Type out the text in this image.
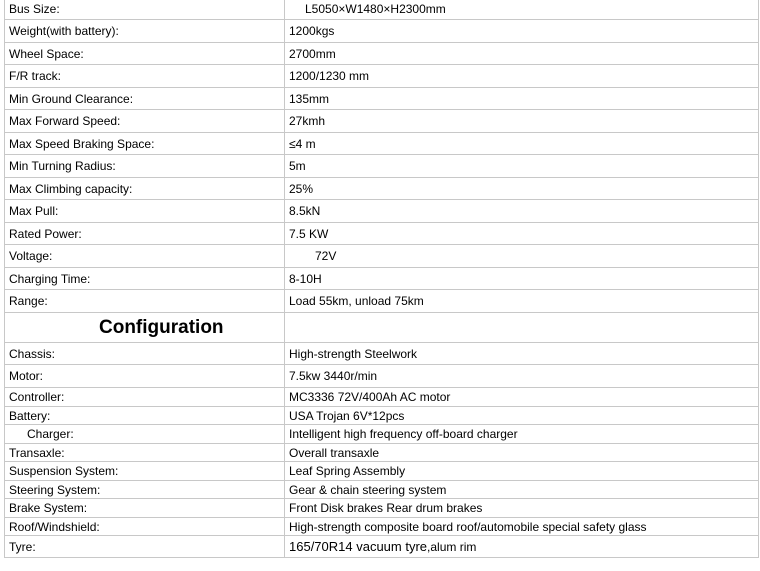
Bus Size:	L5050×W1480×H2300mm
Weight(with battery):	1200kgs
Wheel Space:	2700mm
F/R track:	1200/1230 mm
Min Ground Clearance:	135mm
Max Forward Speed:	27kmh
Max Speed Braking Space:	≤4 m
Min Turning Radius:	5m
Max Climbing capacity:	25%
Max Pull:	8.5kN
Rated Power:	7.5 KW
Voltage:	72V
Charging Time:	8-10H
Range:	Load 55km, unload 75km
Configuration	
Chassis:	High-strength Steelwork
Motor:	7.5kw 3440r/min
Controller:	MC3336 72V/400Ah AC motor
Battery:	USA Trojan 6V*12pcs
Charger:	Intelligent high frequency off-board charger
Transaxle:	Overall transaxle
Suspension System:	Leaf Spring Assembly
Steering System:	Gear & chain steering system
Brake System:	Front Disk brakes Rear drum brakes
Roof/Windshield:	High-strength composite board roof/automobile special safety glass
Tyre:	165/70R14 vacuum tyre,alum rim
